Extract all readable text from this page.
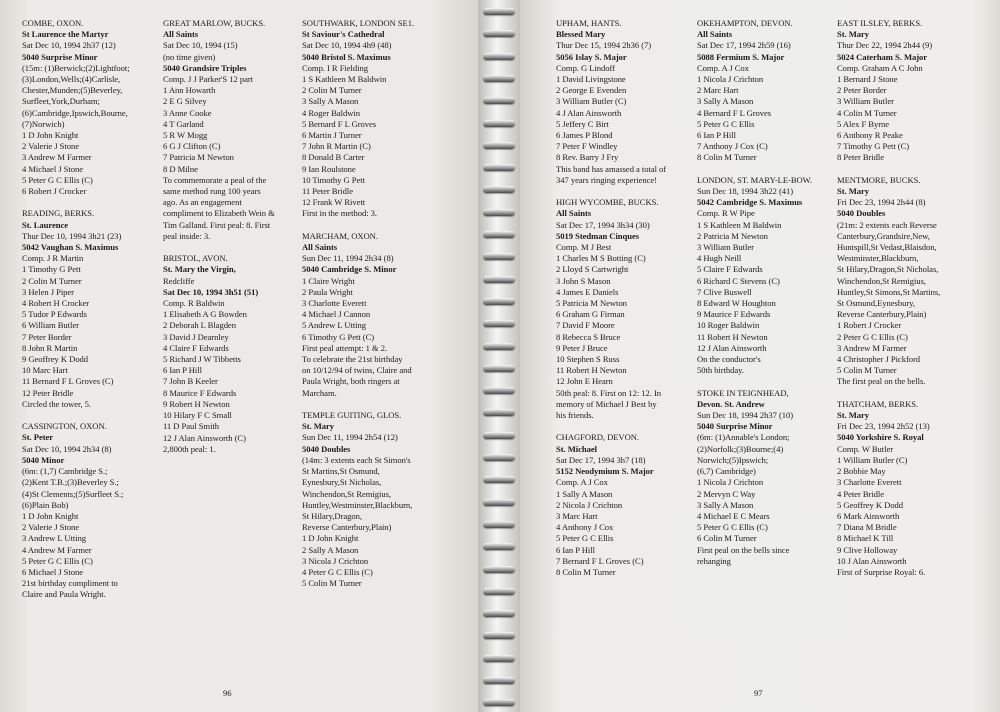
COMBE, OXON.
St Laurence the Martyr
Sat Dec 10, 1994 2h37 (12)
5040 Surprise Minor
(15m: (1)Berwick;(2)Lightfoot;
(3)London,Wells;(4)Carlisle,
Chester,Munden;(5)Beverley,
Surfleet,York,Durham;
(6)Cambridge,Ipswich,Bourne,
(7)Norwich)
1 D John Knight
2 Valerie J Stone
3 Andrew M Farmer
4 Michael J Stone
5 Peter G C Ellis (C)
6 Robert J Crocker
READING, BERKS.
St. Laurence
Thur Dec 10, 1994 3h21 (23)
5042 Vaughan S. Maximus
Comp. J R Martin
1 Timothy G Pett
2 Colin M Turner
3 Helen J Piper
4 Robert H Crocker
5 Tudor P Edwards
6 William Butler
7 Peter Border
8 John R Martin
9 Geoffrey K Dodd
10 Marc Hart
11 Bernard F L Groves (C)
12 Peter Bridle
Circled the tower, 5.
CASSINGTON, OXON.
St. Peter
Sat Dec 10, 1994 2h34 (8)
5040 Minor
(6m: (1,7) Cambridge S.;
(2)Kent T.B.;(3)Beverley S.;
(4)St Clements;(5)Surfleet S.;
(6)Plain Bob)
1 D John Knight
2 Valerie J Stone
3 Andrew L Utting
4 Andrew M Farmer
5 Peter G C Ellis (C)
6 Michael J Stone
21st birthday compliment to
Claire and Paula Wright.
GREAT MARLOW, BUCKS.
All Saints
Sat Dec 10, 1994 (15)
(no time given)
5040 Grandsire Triples
Comp. J J Parker'S 12 part
1 Ann Howarth
2 E G Silvey
3 Anne Cooke
4 T Garland
5 R W Mogg
6 G J Clifton (C)
7 Patricia M Newton
8 D Milne
To commemorate a peal of the
same method rung 100 years
ago. As an engagement
compliment to Elizabeth Wein &
Tim Galland. First peal: 8. First
peal inside: 3.
BRISTOL, AVON.
St. Mary the Virgin,
Redcliffe
Sat Dec 10, 1994 3h51 (51)
Comp. R Baldwin
1 Elisabeth A G Bowden
2 Deborah L Blagden
3 David J Dearnley
4 Claire F Edwards
5 Richard J W Tibbetts
6 Ian P Hill
7 John B Keeler
8 Maurice F Edwards
9 Robert H Newton
10 Hilary F C Small
11 D Paul Smith
12 J Alan Ainsworth (C)
2,800th peal: 1.
SOUTHWARK, LONDON SE1.
St Saviour's Cathedral
Sat Dec 10, 1994 4h9 (48)
5040 Bristol S. Maximus
Comp. I R Fielding
1 S Kathleen M Baldwin
2 Colin M Turner
3 Sally A Mason
4 Roger Baldwin
5 Bernard F L Groves
6 Martin J Turner
7 John R Martin (C)
8 Donald B Carter
9 Ian Roulstone
10 Timothy G Pett
11 Peter Bridle
12 Frank W Rivett
First in the method: 3.
MARCHAM, OXON.
All Saints
Sun Dec 11, 1994 2h34 (8)
5040 Cambridge S. Minor
1 Claire Wright
2 Paula Wright
3 Charlotte Everett
4 Michael J Cannon
5 Andrew L Utting
6 Timothy G Pett (C)
First peal attempt: 1 & 2.
To celebrate the 21st birthday
on 10/12/94 of twins, Claire and
Paula Wright, both ringers at
Marcham.
TEMPLE GUITING, GLOS.
St. Mary
Sun Dec 11, 1994 2h54 (12)
5040 Doubles
(14m: 3 extents each St Simon's
St Martins,St Osmund,
Eynesbury,St Nicholas,
Winchendon,St Remigius,
Huntley,Westminster,Blackburn,
St Hilary,Dragon,
Reverse Canterbury,Plain)
1 D John Knight
2 Sally A Mason
3 Nicola J Crichton
4 Peter G C Ellis (C)
5 Colin M Turner
96
UPHAM, HANTS.
Blessed Mary
Thur Dec 15, 1994 2h36 (7)
5056 Islay S. Major
Comp. G Lindoff
1 David Livingstone
2 George E Evenden
3 William Butler (C)
4 J Alan Ainsworth
5 Jeffery C Birt
6 James P Blond
7 Peter F Windley
8 Rev. Barry J Fry
This band has amassed a total of
347 years ringing experience!
HIGH WYCOMBE, BUCKS.
All Saints
Sat Dec 17, 1994 3h34 (30)
5019 Stedman Cinques
Comp. M J Best
1 Charles M S Botting (C)
2 Lloyd S Cartwright
3 John S Mason
4 James E Daniels
5 Patricia M Newton
6 Graham G Firman
7 David F Moore
8 Rebecca S Bruce
9 Peter J Bruce
10 Stephen S Russ
11 Robert H Newton
12 John E Hearn
50th peal: 8. First on 12: 12. In
memory of Michael J Best by
his friends.
CHAGFORD, DEVON.
St. Michael
Sat Dec 17, 1994 3h7 (18)
5152 Neodymium S. Major
Comp. A J Cox
1 Sally A Mason
2 Nicola J Crichton
3 Marc Hart
4 Anthony J Cox
5 Peter G C Ellis
6 Ian P Hill
7 Bernard F L Groves (C)
8 Colin M Turner
OKEHAMPTON, DEVON.
All Saints
Sat Dec 17, 1994 2h59 (16)
5088 Fermium S. Major
Comp. A J Cox
1 Nicola J Crichton
2 Marc Hart
3 Sally A Mason
4 Bernard F L Groves
5 Peter G C Ellis
6 Ian P Hill
7 Anthony J Cox (C)
8 Colin M Turner
LONDON, ST. MARY-LE-BOW.
Sun Dec 18, 1994 3h22 (41)
5042 Cambridge S. Maximus
Comp. R W Pipe
1 S Kathleen M Baldwin
2 Patricia M Newton
3 William Butler
4 Hugh Neill
5 Claire F Edwards
6 Richard C Stevens (C)
7 Clive Buswell
8 Edward W Houghton
9 Maurice F Edwards
10 Roger Baldwin
11 Robert H Newton
12 J Alan Ainsworth
On the conductor's
50th birthday.
STOKE IN TEIGNHEAD,
Devon. St. Andrew
Sun Dec 18, 1994 2h37 (10)
5040 Surprise Minor
(6m: (1)Annable's London;
(2)Norfolk;(3)Bourne;(4)
Norwich;(5)Ipswich;
(6,7) Cambridge)
1 Nicola J Crichton
2 Mervyn C Way
3 Sally A Mason
4 Michael E C Mears
5 Peter G C Ellis (C)
6 Colin M Turner
First peal on the bells since
rehanging
EAST ILSLEY, BERKS.
St. Mary
Thur Dec 22, 1994 2h44 (9)
5024 Caterham S. Major
Comp. Graham A C John
1 Bernard J Stone
2 Peter Border
3 William Butler
4 Colin M Turner
5 Alex F Byrne
6 Anthony R Peake
7 Timothy G Pett (C)
8 Peter Bridle
MENTMORE, BUCKS.
St. Mary
Fri Dec 23, 1994 2h44 (8)
5040 Doubles
(21m: 2 extents each Reverse
Canterbury,Grandsire,New,
Huntspill,St Vedast,Blaisdon,
Westminster,Blackburn,
St Hilary,Dragon,St Nicholas,
Winchendon,St Remigius,
Huntley,St Simons,St Martins,
St Osmund,Eynesbury,
Reverse Canterbury,Plain)
1 Robert J Crocker
2 Peter G C Ellis (C)
3 Andrew M Farmer
4 Christopher J Pickford
5 Colin M Turner
The first peal on the bells.
THATCHAM, BERKS.
St. Mary
Fri Dec 23, 1994 2h52 (13)
5040 Yorkshire S. Royal
Comp. W Butler
1 William Butler (C)
2 Bobbie May
3 Charlotte Everett
4 Peter Bridle
5 Geoffrey K Dodd
6 Mark Ainsworth
7 Diana M Bridle
8 Michael K Till
9 Clive Holloway
10 J Alan Ainsworth
First of Surprise Royal: 6.
97
